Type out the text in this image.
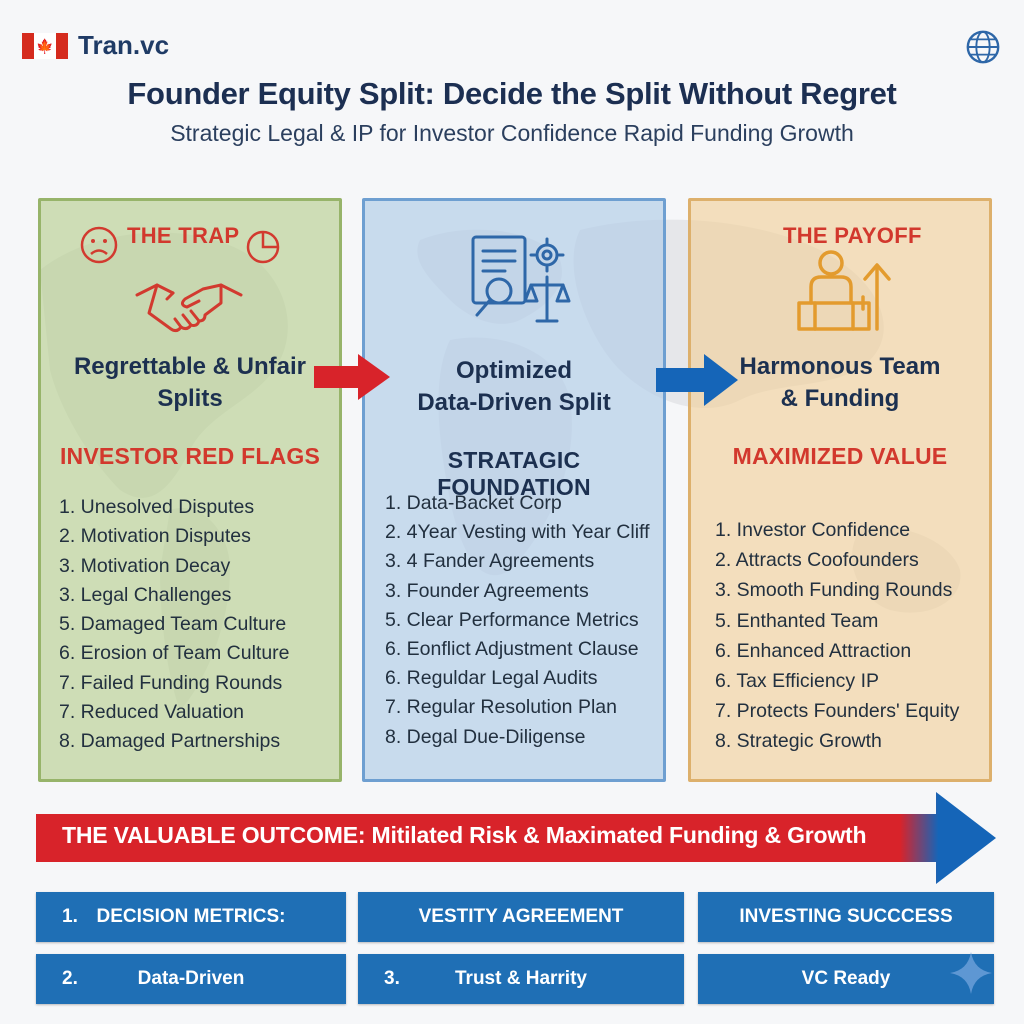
🍁 Tran.vc
Founder Equity Split: Decide the Split Without Regret
Strategic Legal & IP for Investor Confidence Rapid Funding Growth
THE TRAP
Regrettable & Unfair
Splits
INVESTOR RED FLAGS
1. Unesolved Disputes
2. Motivation Disputes
3. Motivation Decay
3. Legal Challenges
5. Damaged Team Culture
6. Erosion of Team Culture
7. Failed Funding Rounds
7. Reduced Valuation
8. Damaged Partnerships
Optimized
Data-Driven Split
STRATAGIC FOUNDATION
1. Data-Backet Corp
2. 4Year Vesting with Year Cliff
3. 4 Fander Agreements
3. Founder Agreements
5. Clear Performance Metrics
6. Eonflict Adjustment Clause
6. Reguldar Legal Audits
7. Regular Resolution Plan
8. Degal Due-Diligense
THE PAYOFF
Harmonous Team
& Funding
MAXIMIZED VALUE
1. Investor Confidence
2. Attracts Coofounders
3. Smooth Funding Rounds
5. Enthanted Team
6. Enhanced Attraction
6. Tax Efficiency IP
7. Protects Founders' Equity
8. Strategic Growth
THE VALUABLE OUTCOME: Mitilated Risk & Maximated Funding & Growth
1. DECISION METRICS:	VESTITY AGREEMENT	INVESTING SUCCCESS
2.	Data-Driven	3.	Trust & Harrity	VC Ready
